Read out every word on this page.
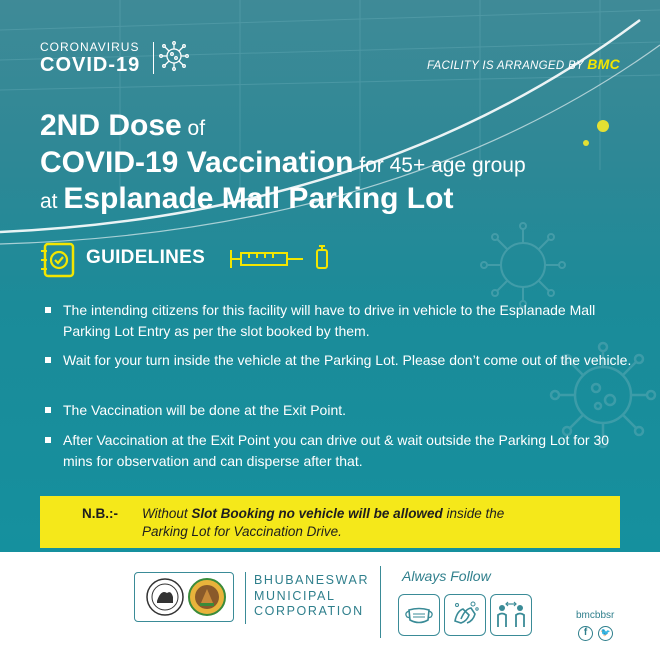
CORONAVIRUS
COVID-19	FACILITY IS ARRANGED BY BMC
2ND Dose of
COVID-19 Vaccination for 45+ age group
at Esplanade Mall Parking Lot
GUIDELINES
The intending citizens for this facility will have to drive in vehicle to the Esplanade Mall Parking Lot Entry as per the slot booked by them.
Wait for your turn inside the vehicle at the Parking Lot. Please don’t come out of the vehicle.
The Vaccination will be done at the Exit Point.
After Vaccination at the Exit Point you can drive out & wait outside the Parking Lot for 30 mins for observation and can disperse after that.
N.B.:- Without Slot Booking no vehicle will be allowed inside the
Parking Lot for Vaccination Drive.
BHUBANESWAR
MUNICIPAL
CORPORATION
Always Follow
bmcbbsr
f	🐦
